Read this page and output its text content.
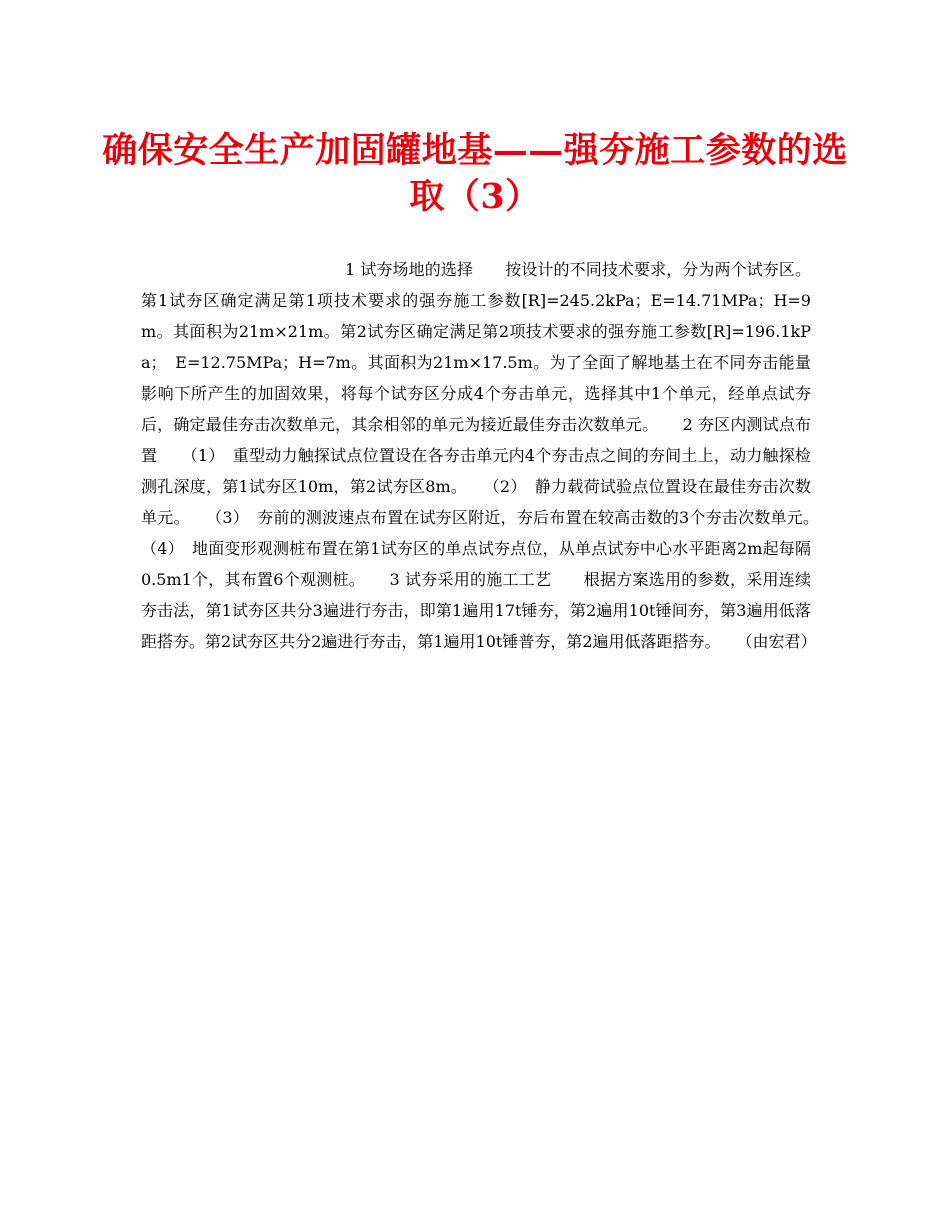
确保安全生产加固罐地基——强夯施工参数的选取（3）

1 试夯场地的选择　　按设计的不同技术要求，分为两个试夯区。第1试夯区确定满足第1项技术要求的强夯施工参数[R]=245.2kPa；E=14.71MPa；H=9m。其面积为21m×21m。第2试夯区确定满足第2项技术要求的强夯施工参数[R]=196.1kPa；　E=12.75MPa；H=7m。其面积为21m×17.5m。为了全面了解地基土在不同夯击能量影响下所产生的加固效果，将每个试夯区分成4个夯击单元，选择其中1个单元，经单点试夯后，确定最佳夯击次数单元，其余相邻的单元为接近最佳夯击次数单元。　　2 夯区内测试点布置　　（1）　重型动力触探试点位置设在各夯击单元内4个夯击点之间的夯间土上，动力触探检测孔深度，第1试夯区10m，第2试夯区8m。　　（2）　静力载荷试验点位置设在最佳夯击次数单元。　　（3）　夯前的测波速点布置在试夯区附近，夯后布置在较高击数的3个夯击次数单元。　　（4）　地面变形观测桩布置在第1试夯区的单点试夯点位，从单点试夯中心水平距离2m起每隔0.5m1个，其布置6个观测桩。　　3 试夯采用的施工工艺　　根据方案选用的参数，采用连续夯击法，第1试夯区共分3遍进行夯击，即第1遍用17t锤夯，第2遍用10t锤间夯，第3遍用低落距搭夯。第2试夯区共分2遍进行夯击，第1遍用10t锤普夯，第2遍用低落距搭夯。　　（由宏君）
